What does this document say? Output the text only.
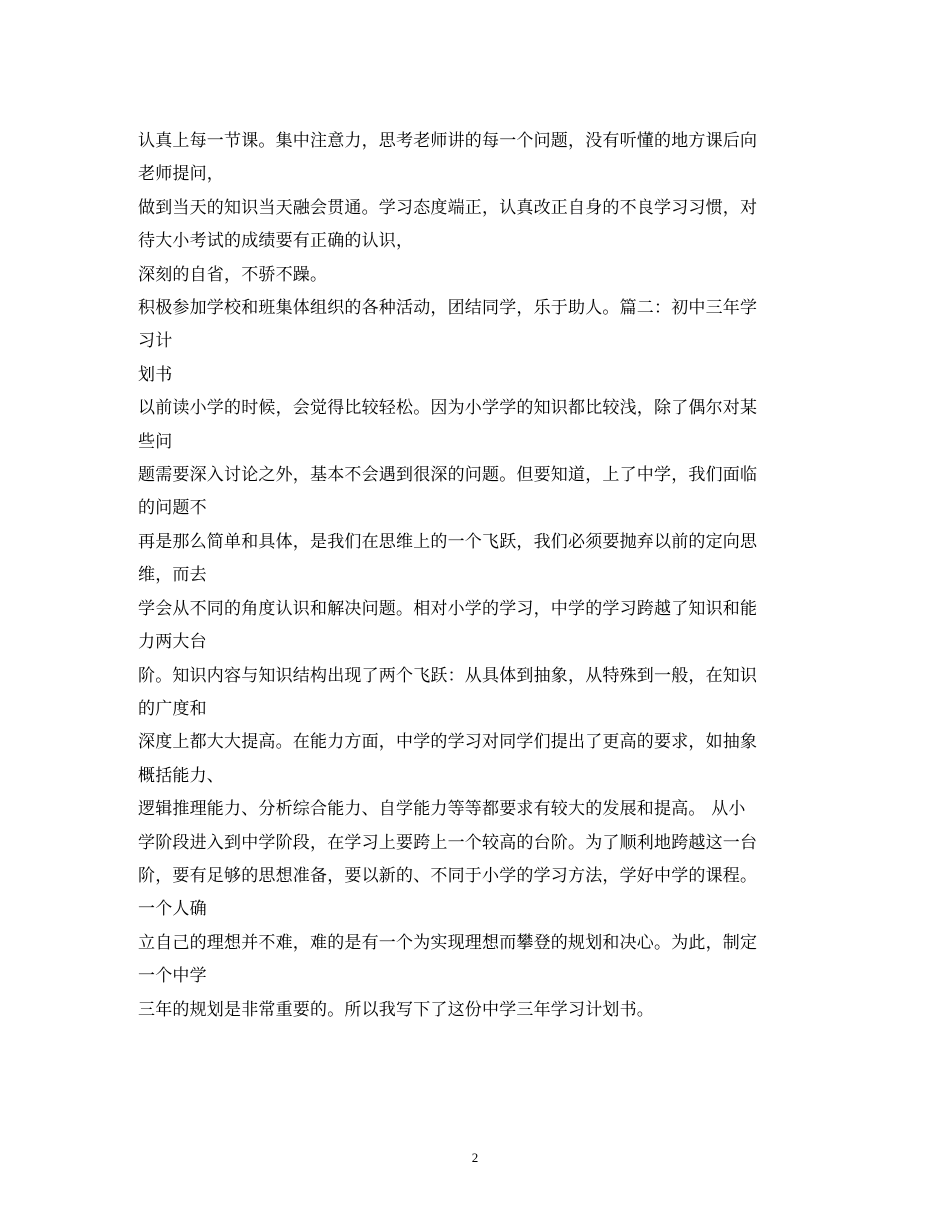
认真上每一节课。集中注意力，思考老师讲的每一个问题，没有听懂的地方课后向
老师提问，
做到当天的知识当天融会贯通。学习态度端正，认真改正自身的不良学习习惯，对
待大小考试的成绩要有正确的认识，
深刻的自省，不骄不躁。
积极参加学校和班集体组织的各种活动，团结同学，乐于助人。篇二：初中三年学
习计
划书
以前读小学的时候，会觉得比较轻松。因为小学学的知识都比较浅，除了偶尔对某
些问
题需要深入讨论之外，基本不会遇到很深的问题。但要知道，上了中学，我们面临
的问题不
再是那么简单和具体，是我们在思维上的一个飞跃，我们必须要抛弃以前的定向思
维，而去
学会从不同的角度认识和解决问题。相对小学的学习，中学的学习跨越了知识和能
力两大台
阶。知识内容与知识结构出现了两个飞跃：从具体到抽象，从特殊到一般，在知识
的广度和
深度上都大大提高。在能力方面，中学的学习对同学们提出了更高的要求，如抽象
概括能力、
逻辑推理能力、分析综合能力、自学能力等等都要求有较大的发展和提高。 从小
学阶段进入到中学阶段，在学习上要跨上一个较高的台阶。为了顺利地跨越这一台
阶，要有足够的思想准备，要以新的、不同于小学的学习方法，学好中学的课程。
一个人确
立自己的理想并不难，难的是有一个为实现理想而攀登的规划和决心。为此，制定
一个中学
三年的规划是非常重要的。所以我写下了这份中学三年学习计划书。
2
